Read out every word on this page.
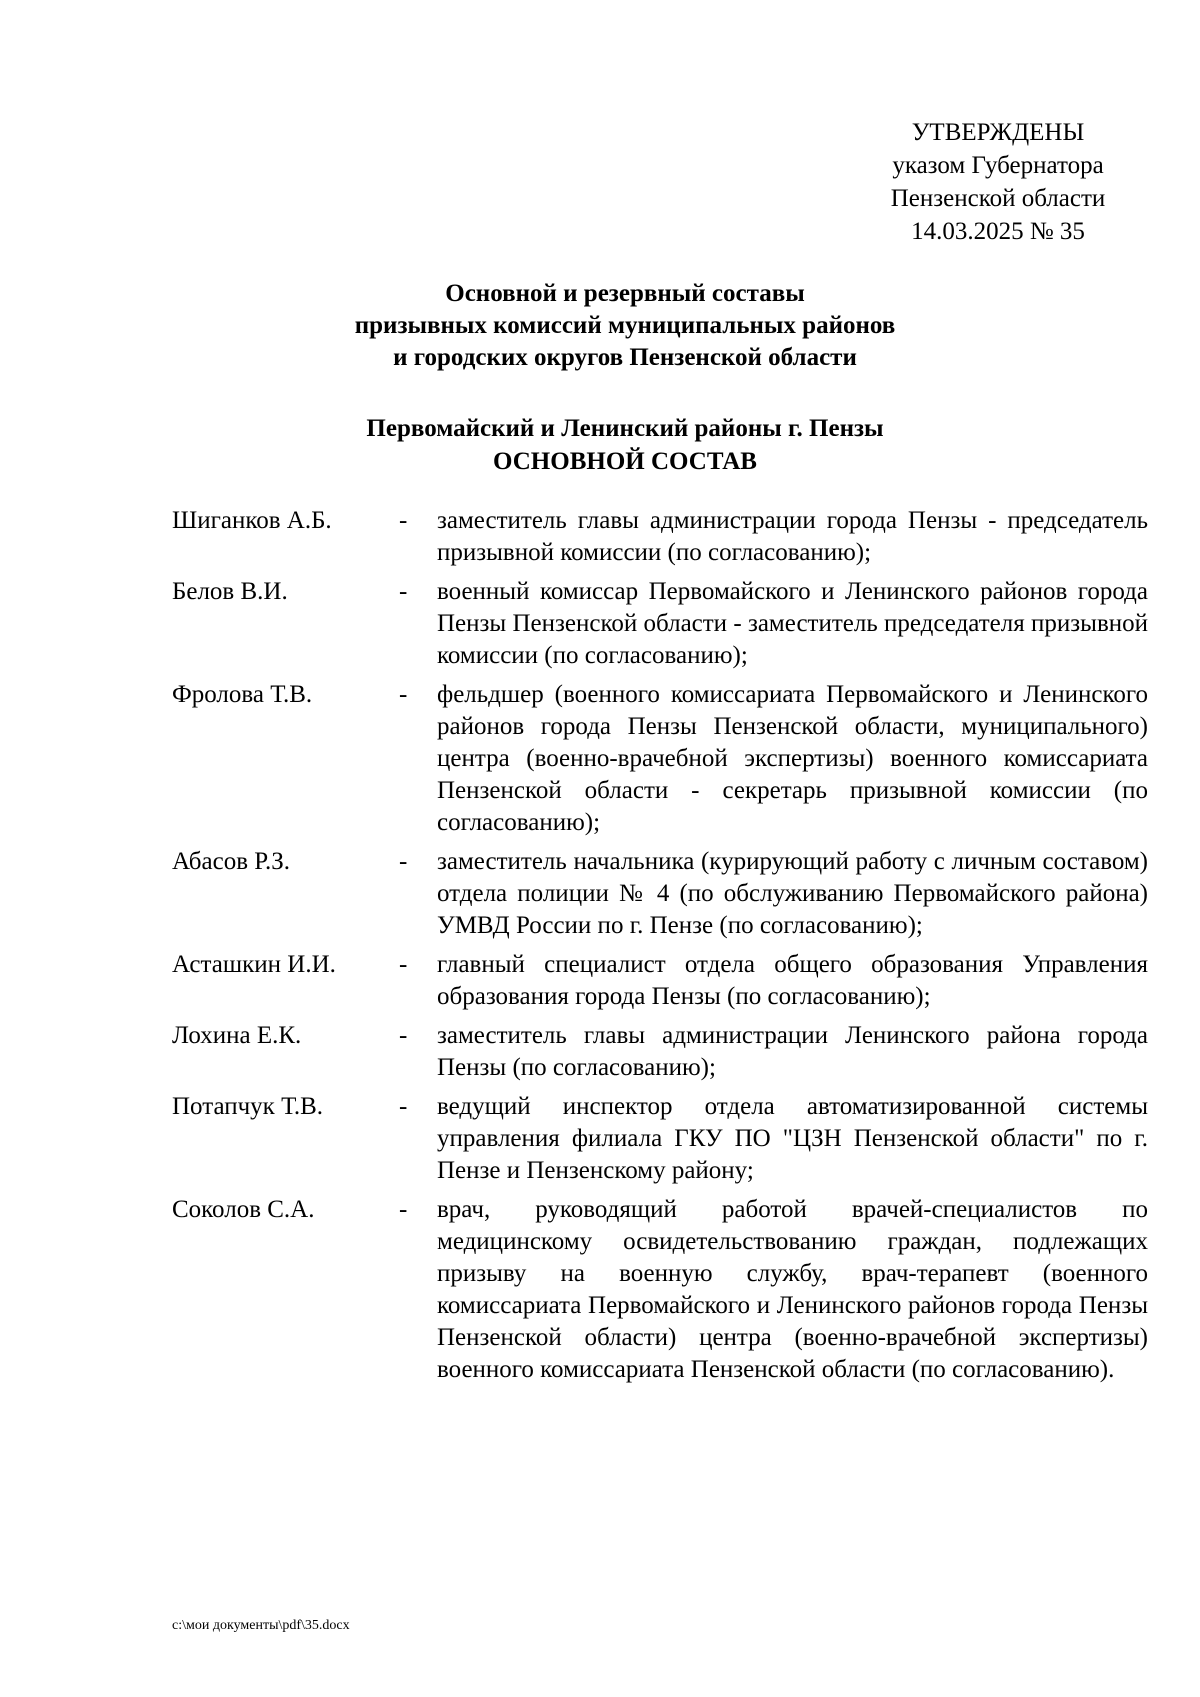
УТВЕРЖДЕНЫ
указом Губернатора
Пензенской области
14.03.2025 № 35
Основной и резервный составы
призывных комиссий муниципальных районов
и городских округов Пензенской области
Первомайский и Ленинский районы г. Пензы
ОСНОВНОЙ СОСТАВ
Шиганков А.Б.	- заместитель главы администрации города Пензы - председатель призывной комиссии (по согласованию);
Белов В.И.	- военный комиссар Первомайского и Ленинского районов города Пензы Пензенской области - заместитель председателя призывной комиссии (по согласованию);
Фролова Т.В.	- фельдшер (военного комиссариата Первомайского и Ленинского районов города Пензы Пензенской области, муниципального) центра (военно-врачебной экспертизы) военного комиссариата Пензенской области - секретарь призывной комиссии (по согласованию);
Абасов Р.З.	- заместитель начальника (курирующий работу с личным составом) отдела полиции № 4 (по обслуживанию Первомайского района) УМВД России по г. Пензе (по согласованию);
Асташкин И.И.	- главный специалист отдела общего образования Управления образования города Пензы (по согласованию);
Лохина Е.К.	- заместитель главы администрации Ленинского района города Пензы (по согласованию);
Потапчук Т.В.	- ведущий инспектор отдела автоматизированной системы управления филиала ГКУ ПО "ЦЗН Пензенской области" по г. Пензе и Пензенскому району;
Соколов С.А.	- врач, руководящий работой врачей-специалистов по медицинскому освидетельствованию граждан, подлежащих призыву на военную службу, врач-терапевт (военного комиссариата Первомайского и Ленинского районов города Пензы Пензенской области) центра (военно-врачебной экспертизы) военного комиссариата Пензенской области (по согласованию).
c:\мои документы\pdf\35.docx
